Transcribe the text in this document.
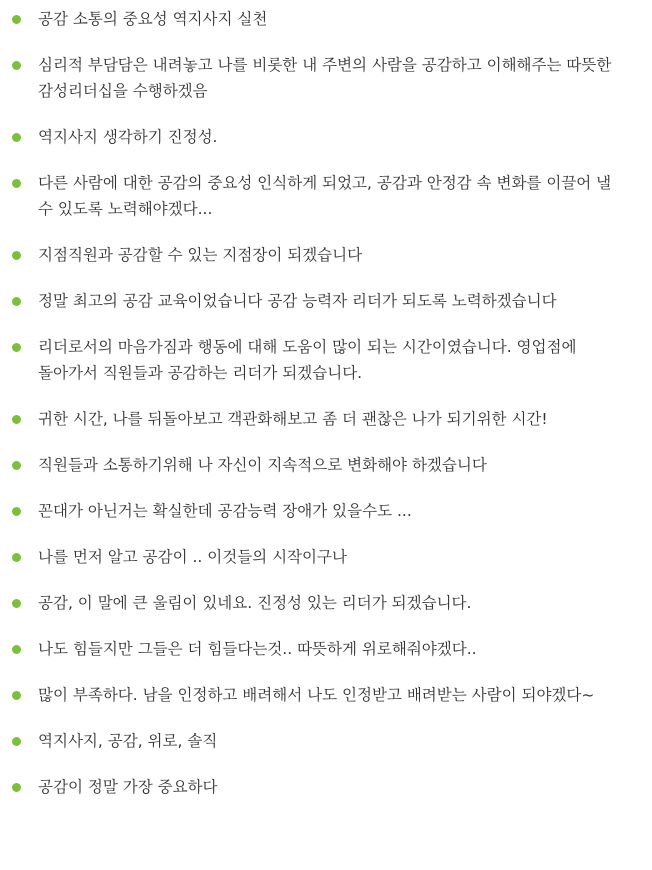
공감 소통의 중요성 역지사지 실천
심리적 부담담은 내려놓고 나를 비롯한 내 주변의 사람을 공감하고 이해해주는 따뜻한 감성리더십을 수행하겠음
역지사지 생각하기 진정성.
다른 사람에 대한 공감의 중요성 인식하게 되었고, 공감과 안정감 속 변화를 이끌어 낼 수 있도록 노력해야겠다...
지점직원과 공감할 수 있는 지점장이 되겠습니다
정말 최고의 공감 교육이었습니다 공감 능력자 리더가 되도록 노력하겠습니다
리더로서의 마음가짐과 행동에 대해 도움이 많이 되는 시간이였습니다. 영업점에 돌아가서 직원들과 공감하는 리더가 되겠습니다.
귀한 시간, 나를 뒤돌아보고 객관화해보고 좀 더 괜찮은 나가 되기위한 시간!
직원들과 소통하기위해 나 자신이 지속적으로 변화해야 하겠습니다
꼰대가 아닌거는 확실한데 공감능력 장애가 있을수도 ...
나를 먼저 알고 공감이 .. 이것들의 시작이구나
공감, 이 말에 큰 울림이 있네요. 진정성 있는 리더가 되겠습니다.
나도 힘들지만 그들은 더 힘들다는것.. 따뜻하게 위로해줘야겠다..
많이 부족하다. 남을 인정하고 배려해서 나도 인정받고 배려받는 사람이 되야겠다~
역지사지, 공감, 위로, 솔직
공감이 정말 가장 중요하다
